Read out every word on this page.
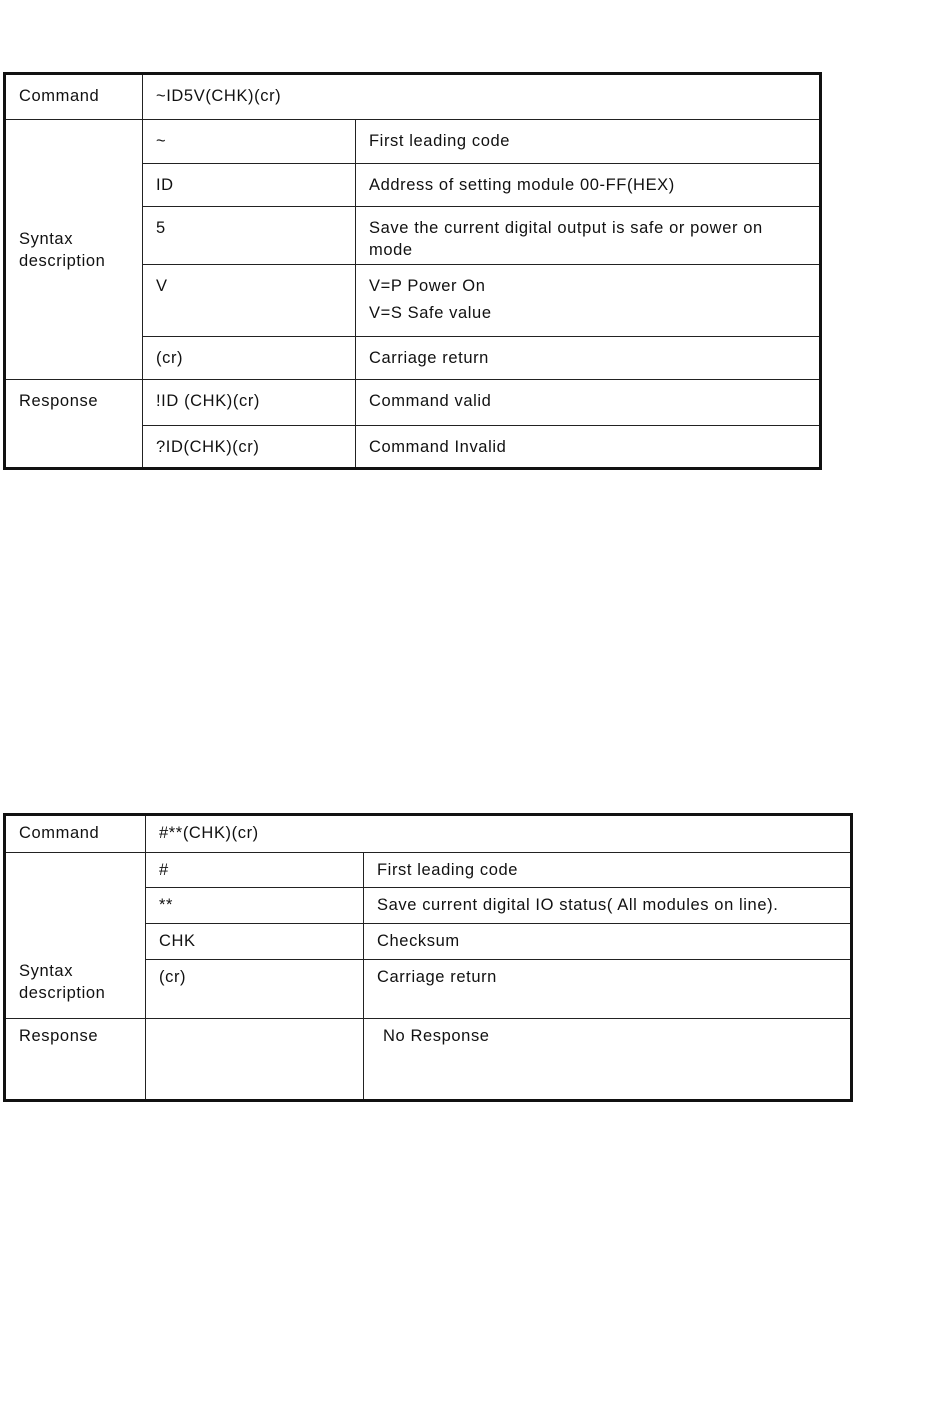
Command	~ID5V(CHK)(cr)	

Syntax
description	~	First leading code
	ID	Address of setting module 00-FF(HEX)
	5	Save the current digital output is safe or power on
mode

	V	V=P Power On
V=S Safe value

	(cr)	Carriage return
Response	!ID (CHK)(cr)	Command valid
	?ID(CHK)(cr)	Command Invalid
Command	#**(CHK)(cr)	

Syntax
description	#	First leading code
	**	Save current digital IO status( All modules on line).
	CHK	Checksum
	(cr)	Carriage return
Response		No Response
